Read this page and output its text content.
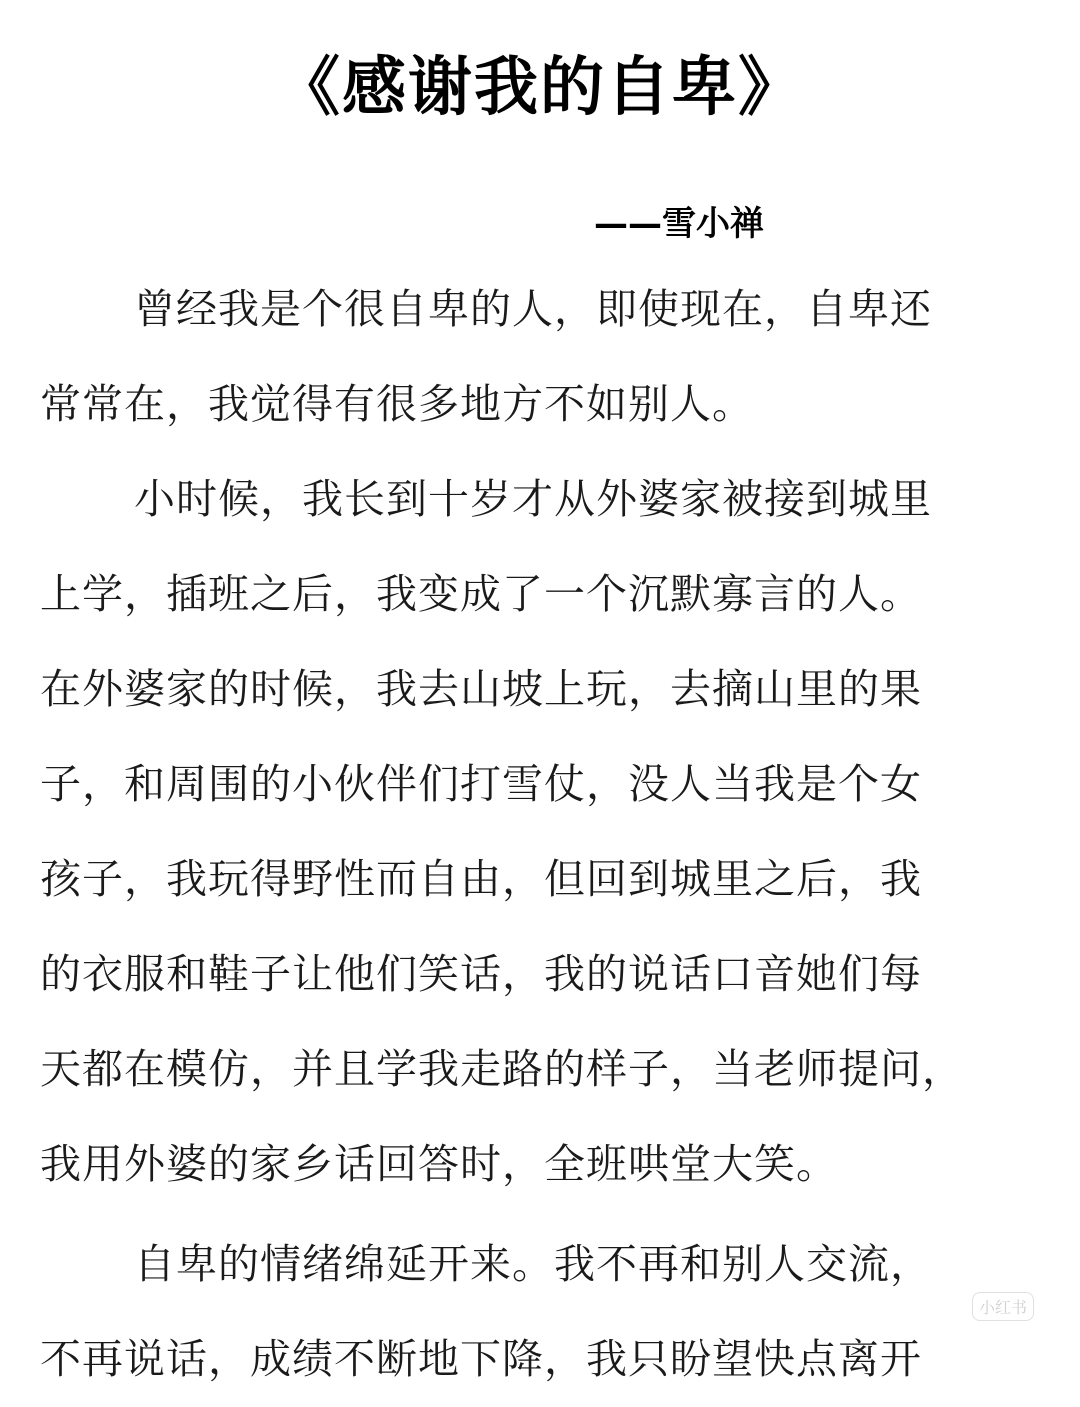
《感谢我的自卑》
——雪小禅
曾经我是个很自卑的人，即使现在，自卑还
常常在，我觉得有很多地方不如别人。
小时候，我长到十岁才从外婆家被接到城里
上学，插班之后，我变成了一个沉默寡言的人。
在外婆家的时候，我去山坡上玩，去摘山里的果
子，和周围的小伙伴们打雪仗，没人当我是个女
孩子，我玩得野性而自由，但回到城里之后，我
的衣服和鞋子让他们笑话，我的说话口音她们每
天都在模仿，并且学我走路的样子，当老师提问，
我用外婆的家乡话回答时，全班哄堂大笑。
自卑的情绪绵延开来。我不再和别人交流，
不再说话，成绩不断地下降，我只盼望快点离开
小红书
